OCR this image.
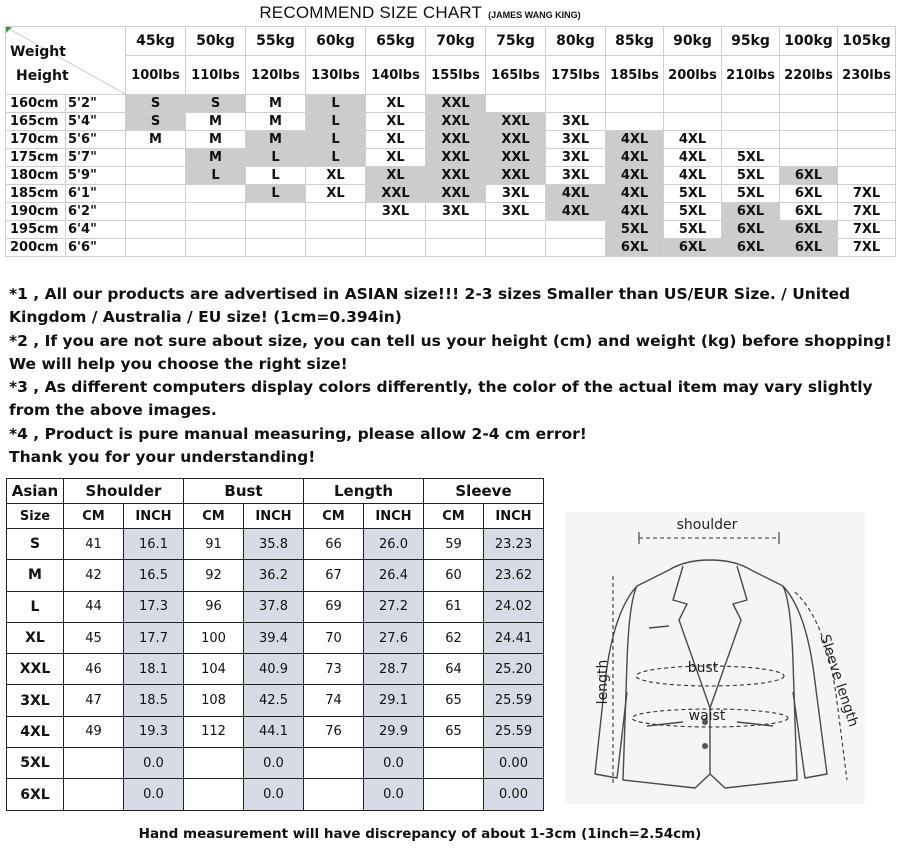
RECOMMEND SIZE CHART (JAMES WANG KING)
Weight
Height		45kg	50kg	55kg	60kg	65kg	70kg	75kg	80kg	85kg	90kg	95kg	100kg	105kg
		100lbs	110lbs	120lbs	130lbs	140lbs	155lbs	165lbs	175lbs	185lbs	200lbs	210lbs	220lbs	230lbs
160cm	5'2"	S	S	M	L	XL	XXL							
165cm	5'4"	S	M	M	L	XL	XXL	XXL	3XL					
170cm	5'6"	M	M	M	L	XL	XXL	XXL	3XL	4XL	4XL			
175cm	5'7"		M	L	L	XL	XXL	XXL	3XL	4XL	4XL	5XL		
180cm	5'9"		L	L	XL	XL	XXL	XXL	3XL	4XL	4XL	5XL	6XL	
185cm	6'1"			L	XL	XXL	XXL	3XL	4XL	4XL	5XL	5XL	6XL	7XL
190cm	6'2"					3XL	3XL	3XL	4XL	4XL	5XL	6XL	6XL	7XL
195cm	6'4"									5XL	5XL	6XL	6XL	7XL
200cm	6'6"									6XL	6XL	6XL	6XL	7XL

*1 , All our products are advertised in ASIAN size!!! 2-3 sizes Smaller than US/EUR Size. / United Kingdom / Australia / EU size! (1cm=0.394in)

*2 , If you are not sure about size, you can tell us your height (cm) and weight (kg) before shopping! We will help you choose the right size!

*3 , As different computers display colors differently, the color of the actual item may vary slightly from the above images.

*4 , Product is pure manual measuring, please allow 2-4 cm error!

Thank you for your understanding!

Asian	Shoulder		Bust		Length		Sleeve	
Size	CM	INCH	CM	INCH	CM	INCH	CM	INCH
S	41	16.1	91	35.8	66	26.0	59	23.23
M	42	16.5	92	36.2	67	26.4	60	23.62
L	44	17.3	96	37.8	69	27.2	61	24.02
XL	45	17.7	100	39.4	70	27.6	62	24.41
XXL	46	18.1	104	40.9	73	28.7	64	25.20
3XL	47	18.5	108	42.5	74	29.1	65	25.59
4XL	49	19.3	112	44.1	76	29.9	65	25.59
5XL		0.0		0.0		0.0		0.00
6XL		0.0		0.0		0.0		0.00
shoulder
length	bust
waist	Sleeve length
Hand measurement will have discrepancy of about 1-3cm (1inch=2.54cm)
